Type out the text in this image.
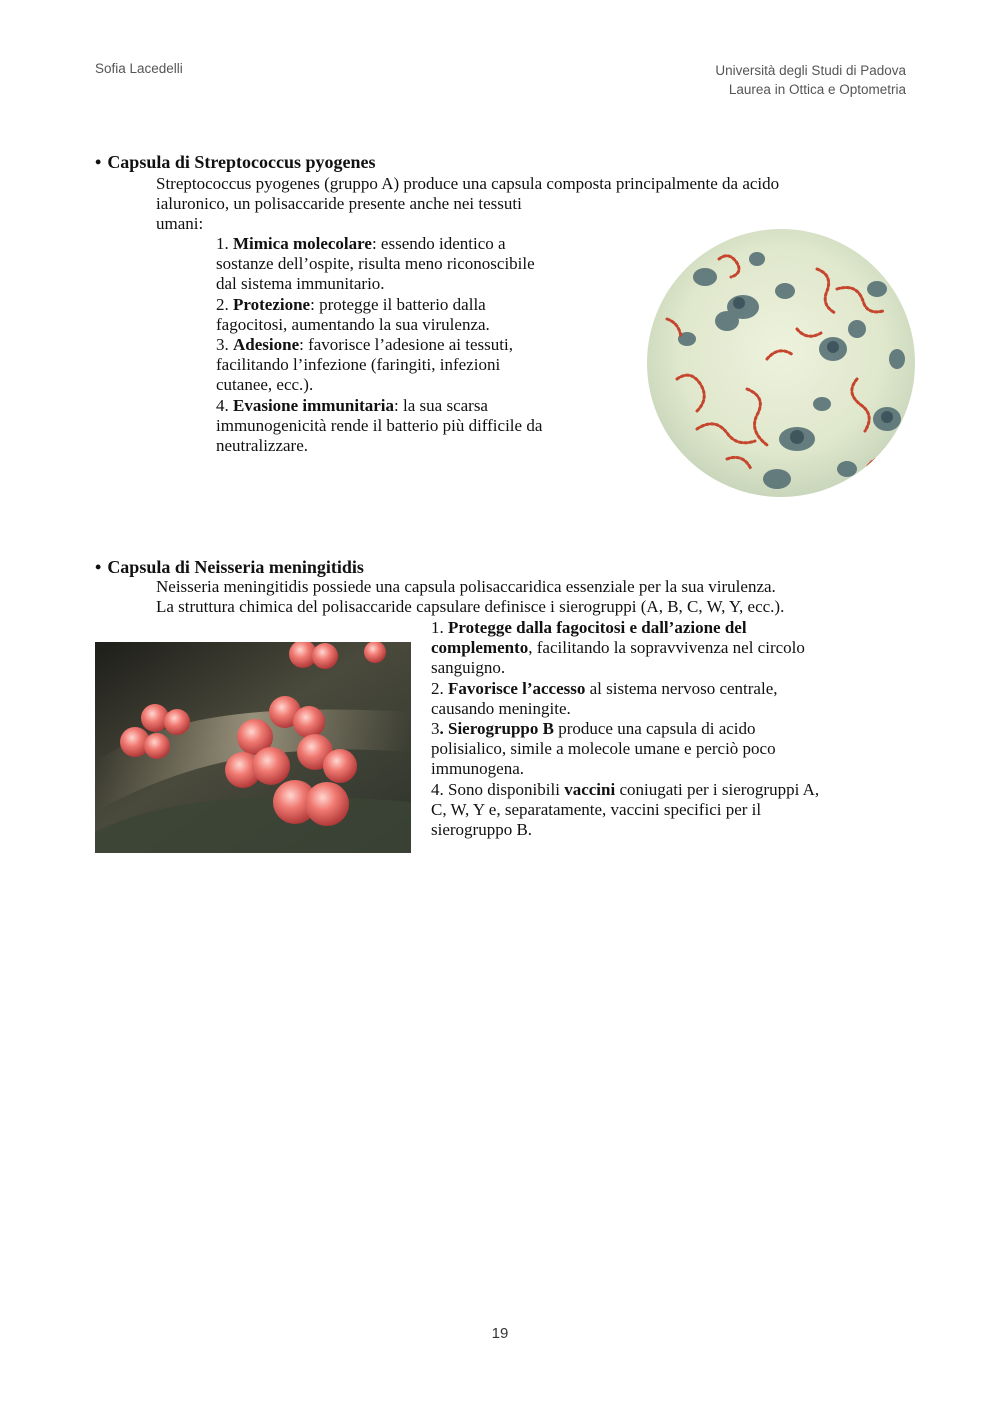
Sofia Lacedelli	Università degli Studi di Padova
Laurea in Ottica e Optometria
• Capsula di Streptococcus pyogenes
Streptococcus pyogenes (gruppo A) produce una capsula composta principalmente da acido
ialuronico, un polisaccaride presente anche nei tessuti
umani:
1. Mimica molecolare: essendo identico a
sostanze dell’ospite, risulta meno riconoscibile
dal sistema immunitario.
2. Protezione: protegge il batterio dalla
fagocitosi, aumentando la sua virulenza.
3. Adesione: favorisce l’adesione ai tessuti,
facilitando l’infezione (faringiti, infezioni
cutanee, ecc.).
4. Evasione immunitaria: la sua scarsa
immunogenicità rende il batterio più difficile da
neutralizzare.
• Capsula di Neisseria meningitidis
Neisseria meningitidis possiede una capsula polisaccaridica essenziale per la sua virulenza.
La struttura chimica del polisaccaride capsulare definisce i sierogruppi (A, B, C, W, Y, ecc.).
1. Protegge dalla fagocitosi e dall’azione del
complemento, facilitando la sopravvivenza nel circolo
sanguigno.
2. Favorisce l’accesso al sistema nervoso centrale,
causando meningite.
3. Sierogruppo B produce una capsula di acido
polisialico, simile a molecole umane e perciò poco
immunogena.
4. Sono disponibili vaccini coniugati per i sierogruppi A,
C, W, Y e, separatamente, vaccini specifici per il
sierogruppo B.
19
